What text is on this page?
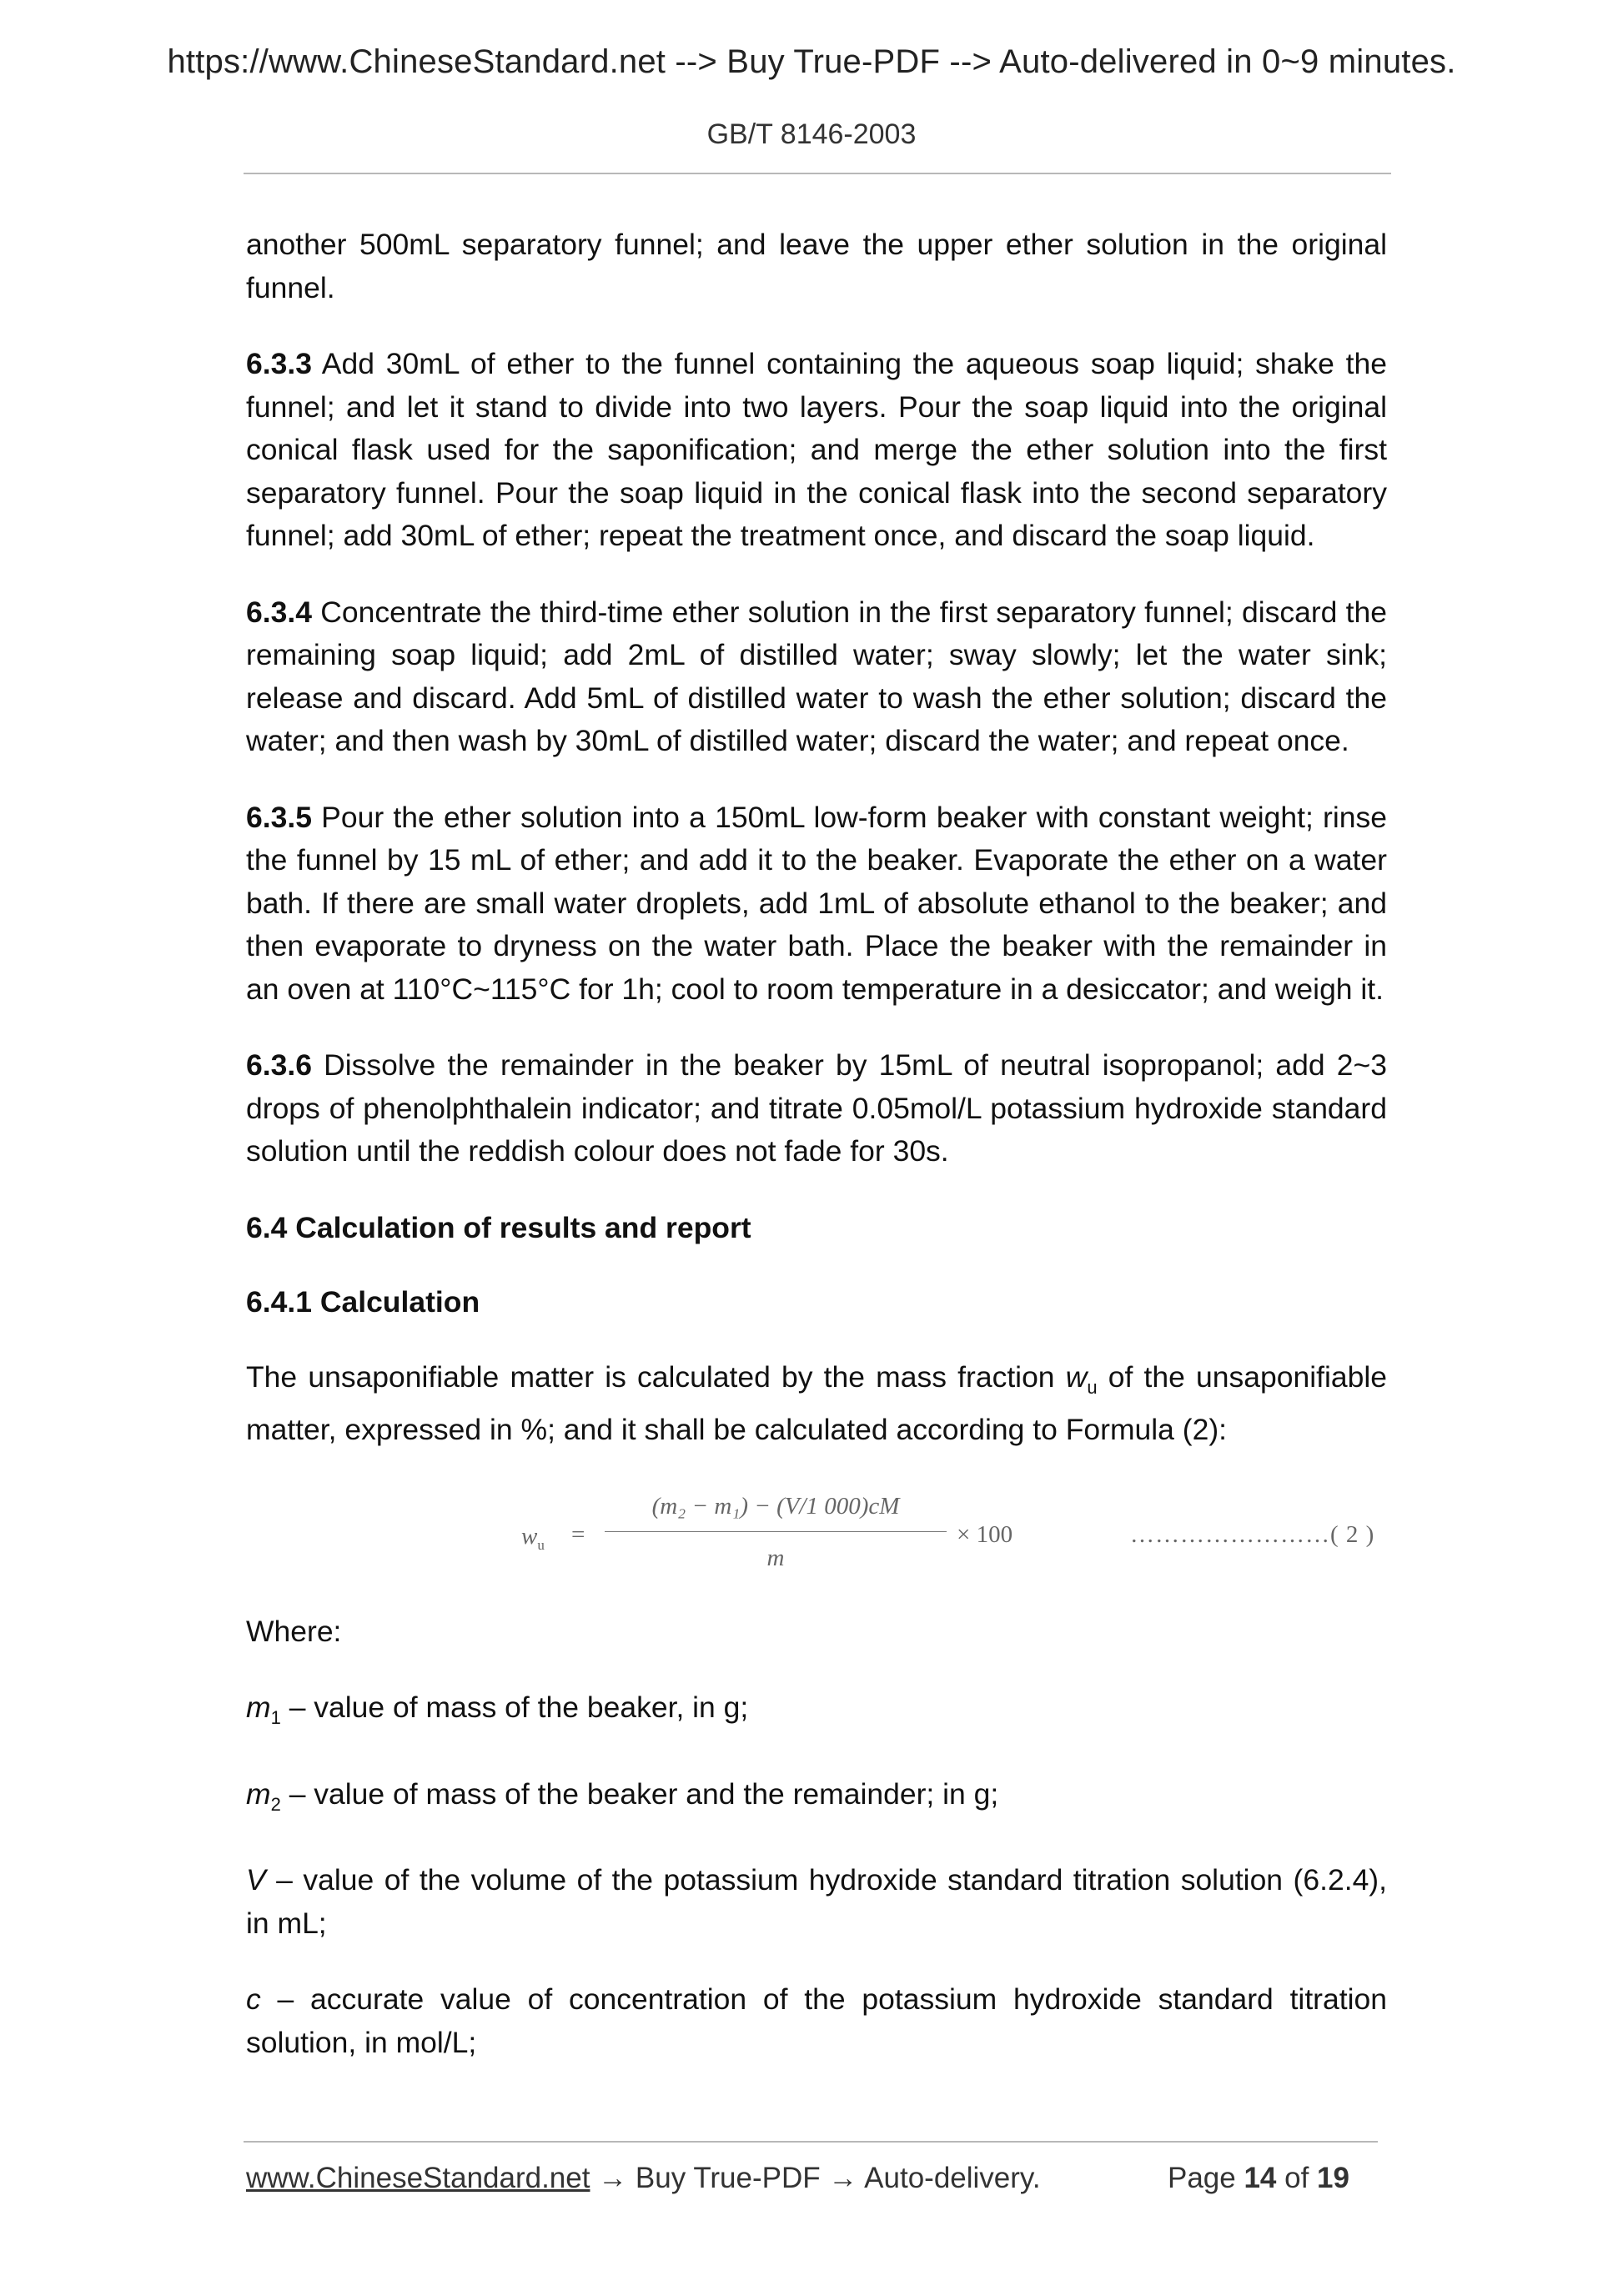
https://www.ChineseStandard.net --> Buy True-PDF --> Auto-delivered in 0~9 minutes.
GB/T 8146-2003

another 500mL separatory funnel; and leave the upper ether solution in the original funnel.

6.3.3 Add 30mL of ether to the funnel containing the aqueous soap liquid; shake the funnel; and let it stand to divide into two layers. Pour the soap liquid into the original conical flask used for the saponification; and merge the ether solution into the first separatory funnel. Pour the soap liquid in the conical flask into the second separatory funnel; add 30mL of ether; repeat the treatment once, and discard the soap liquid.

6.3.4 Concentrate the third-time ether solution in the first separatory funnel; discard the remaining soap liquid; add 2mL of distilled water; sway slowly; let the water sink; release and discard. Add 5mL of distilled water to wash the ether solution; discard the water; and then wash by 30mL of distilled water; discard the water; and repeat once.

6.3.5 Pour the ether solution into a 150mL low-form beaker with constant weight; rinse the funnel by 15 mL of ether; and add it to the beaker. Evaporate the ether on a water bath. If there are small water droplets, add 1mL of absolute ethanol to the beaker; and then evaporate to dryness on the water bath. Place the beaker with the remainder in an oven at 110°C~115°C for 1h; cool to room temperature in a desiccator; and weigh it.

6.3.6 Dissolve the remainder in the beaker by 15mL of neutral isopropanol; add 2~3 drops of phenolphthalein indicator; and titrate 0.05mol/L potassium hydroxide standard solution until the reddish colour does not fade for 30s.

6.4 Calculation of results and report

6.4.1 Calculation

The unsaponifiable matter is calculated by the mass fraction $w_u$ of the unsaponifiable matter, expressed in %; and it shall be calculated according to Formula (2):

$w_u$ =
(m₂ − m₁) − (V/1 000)cM
m
× 100	……………………( 2 )

Where:

$m_1$ – value of mass of the beaker, in g;

$m_2$ – value of mass of the beaker and the remainder; in g;

V – value of the volume of the potassium hydroxide standard titration solution (6.2.4), in mL;

c – accurate value of concentration of the potassium hydroxide standard titration solution, in mol/L;

www.ChineseStandard.net → Buy True-PDF → Auto-delivery.	Page 14 of 19
